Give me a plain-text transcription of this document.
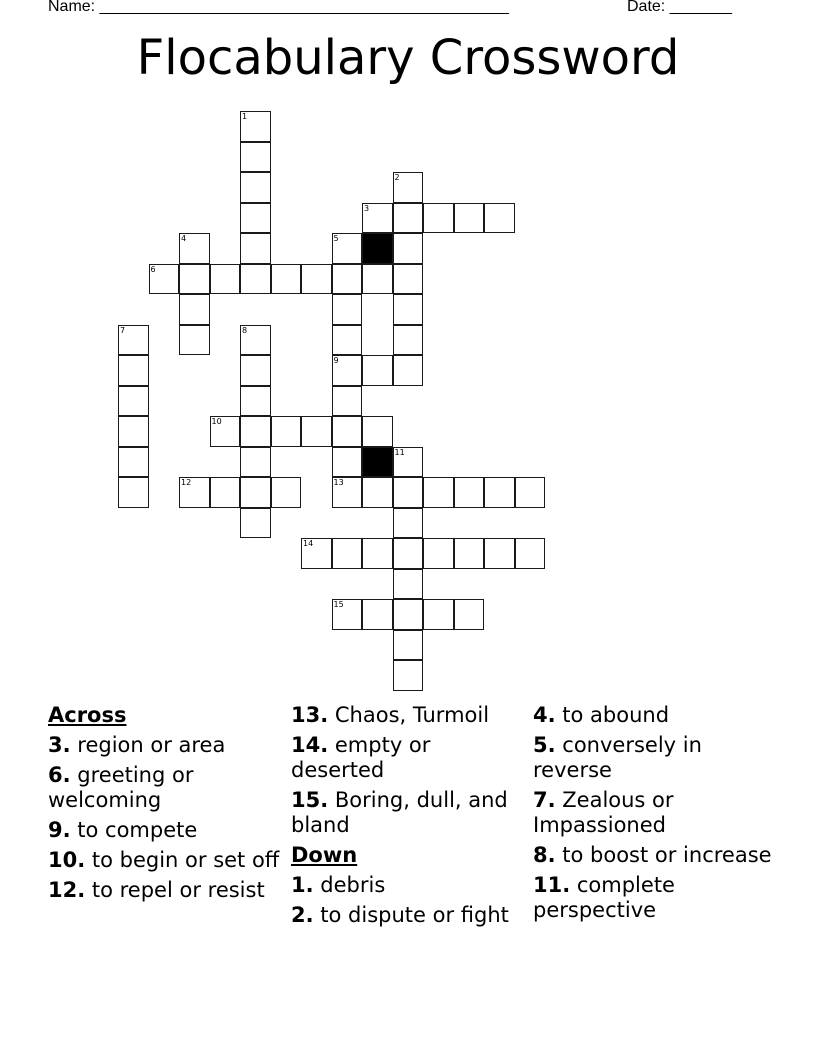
Name: ______________________________________________	Date: _______
Flocabulary Crossword
1
2
3
4	5
9
13
6
7	8
10
11
12
14
15
Across
3. region or area
6. greeting or welcoming
9. to compete
10. to begin or set off
12. to repel or resist
13. Chaos, Turmoil
14. empty or deserted
15. Boring, dull, and bland
Down
1. debris
2. to dispute or fight
4. to abound
5. conversely in reverse
7. Zealous or Impassioned
8. to boost or increase
11. complete perspective
